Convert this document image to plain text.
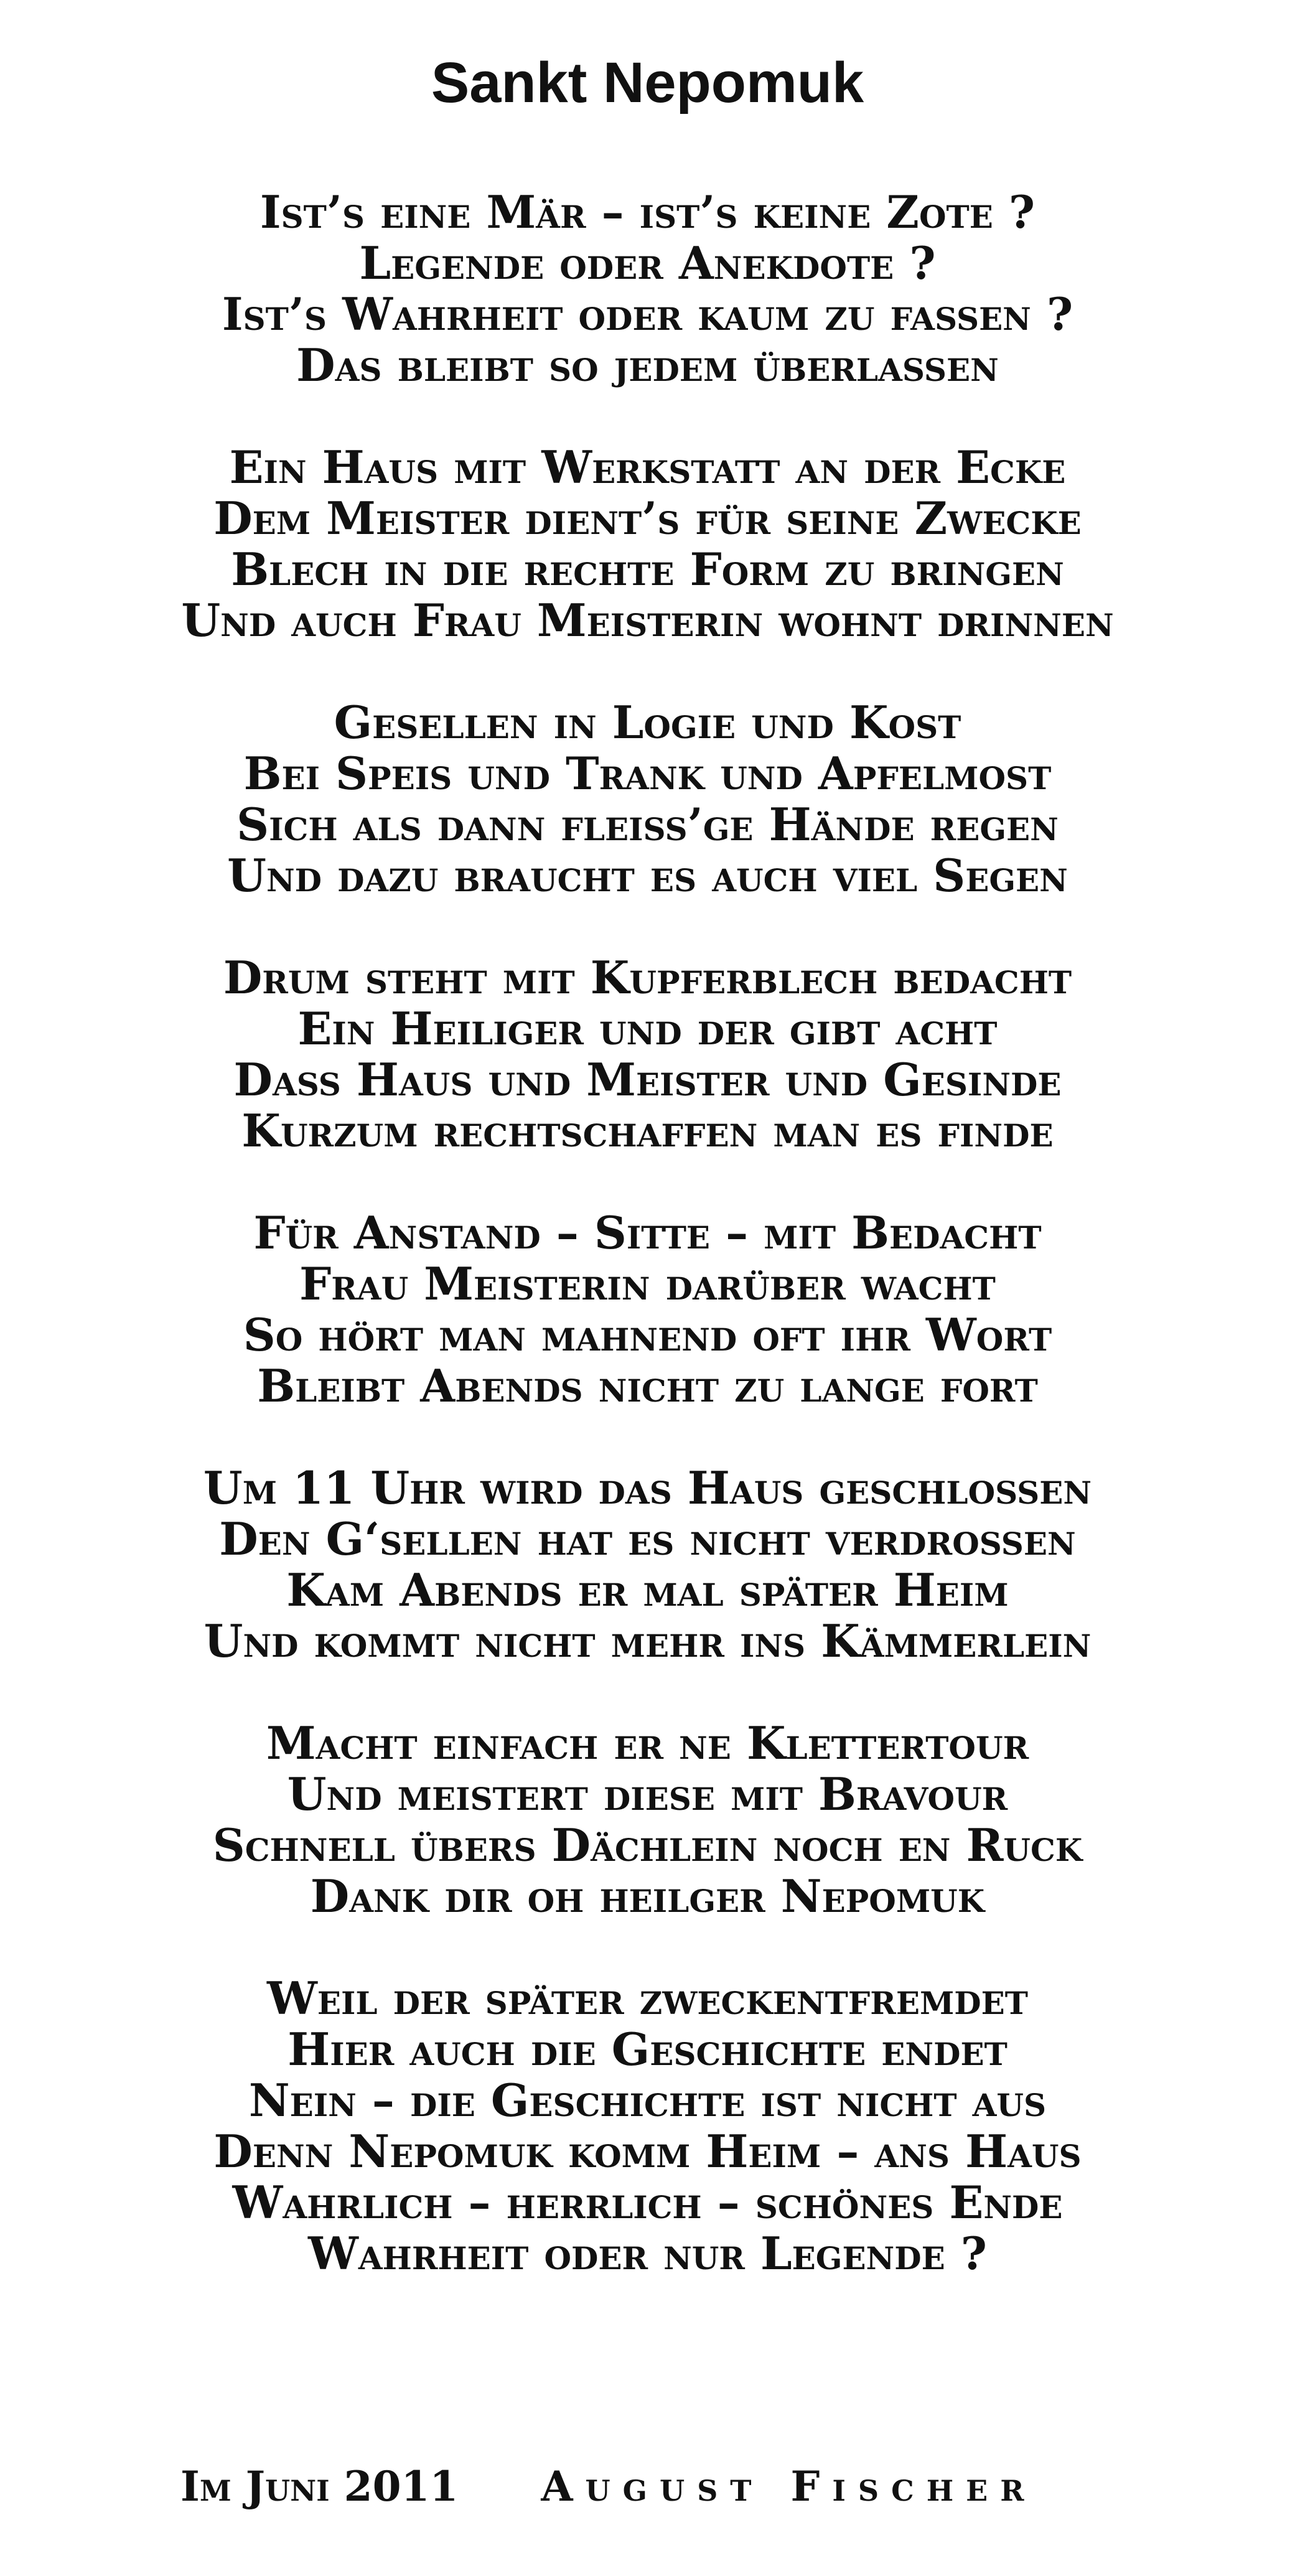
Sankt Nepomuk
Ist’s eine Mär – ist’s keine Zote ?
Legende oder Anekdote ?
Ist’s Wahrheit oder kaum zu fassen ?
Das bleibt so jedem überlassen
Ein Haus mit Werkstatt an der Ecke
Dem Meister dient’s für seine Zwecke
Blech in die rechte Form zu bringen
Und auch Frau Meisterin wohnt drinnen
Gesellen in Logie und Kost
Bei Speis und Trank und Apfelmost
Sich als dann fleiss’ge Hände regen
Und dazu braucht es auch viel Segen
Drum steht mit Kupferblech bedacht
Ein Heiliger und der gibt acht
Dass Haus und Meister und Gesinde
Kurzum rechtschaffen man es finde
Für Anstand – Sitte – mit Bedacht
Frau Meisterin darüber wacht
So hört man mahnend oft ihr Wort
Bleibt Abends nicht zu lange fort
Um 11 Uhr wird das Haus geschlossen
Den G‘sellen hat es nicht verdrossen
Kam Abends er mal später Heim
Und kommt nicht mehr ins Kämmerlein
Macht einfach er ne Klettertour
Und meistert diese mit Bravour
Schnell übers Dächlein noch en Ruck
Dank dir oh heilger Nepomuk
Weil der später zweckentfremdet
Hier auch die Geschichte endet
Nein – die Geschichte ist nicht aus
Denn Nepomuk komm Heim – ans Haus
Wahrlich – herrlich – schönes Ende
Wahrheit oder nur Legende ?
Im Juni 2011 August Fischer
